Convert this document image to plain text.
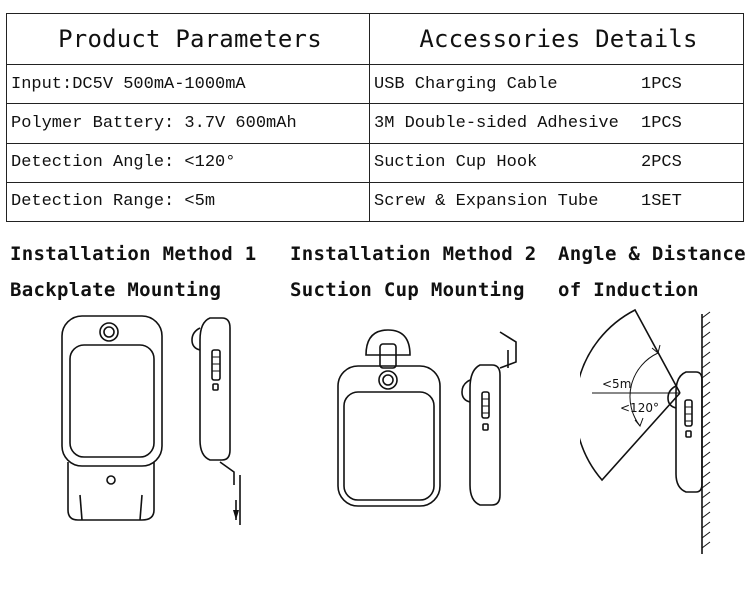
Product Parameters	Accessories Details
Input:DC5V 500mA-1000mA	USB Charging Cable 1PCS

Polymer Battery: 3.7V 600mAh	3M Double-sided Adhesive 1PCS

Detection Angle: <120°	Suction Cup Hook 2PCS

Detection Range: <5m	Screw & Expansion Tube 1SET
Installation Method 1
Backplate Mounting
Installation Method 2
Suction Cup Mounting
Angle & Distance
of Induction
<5m
<120°
